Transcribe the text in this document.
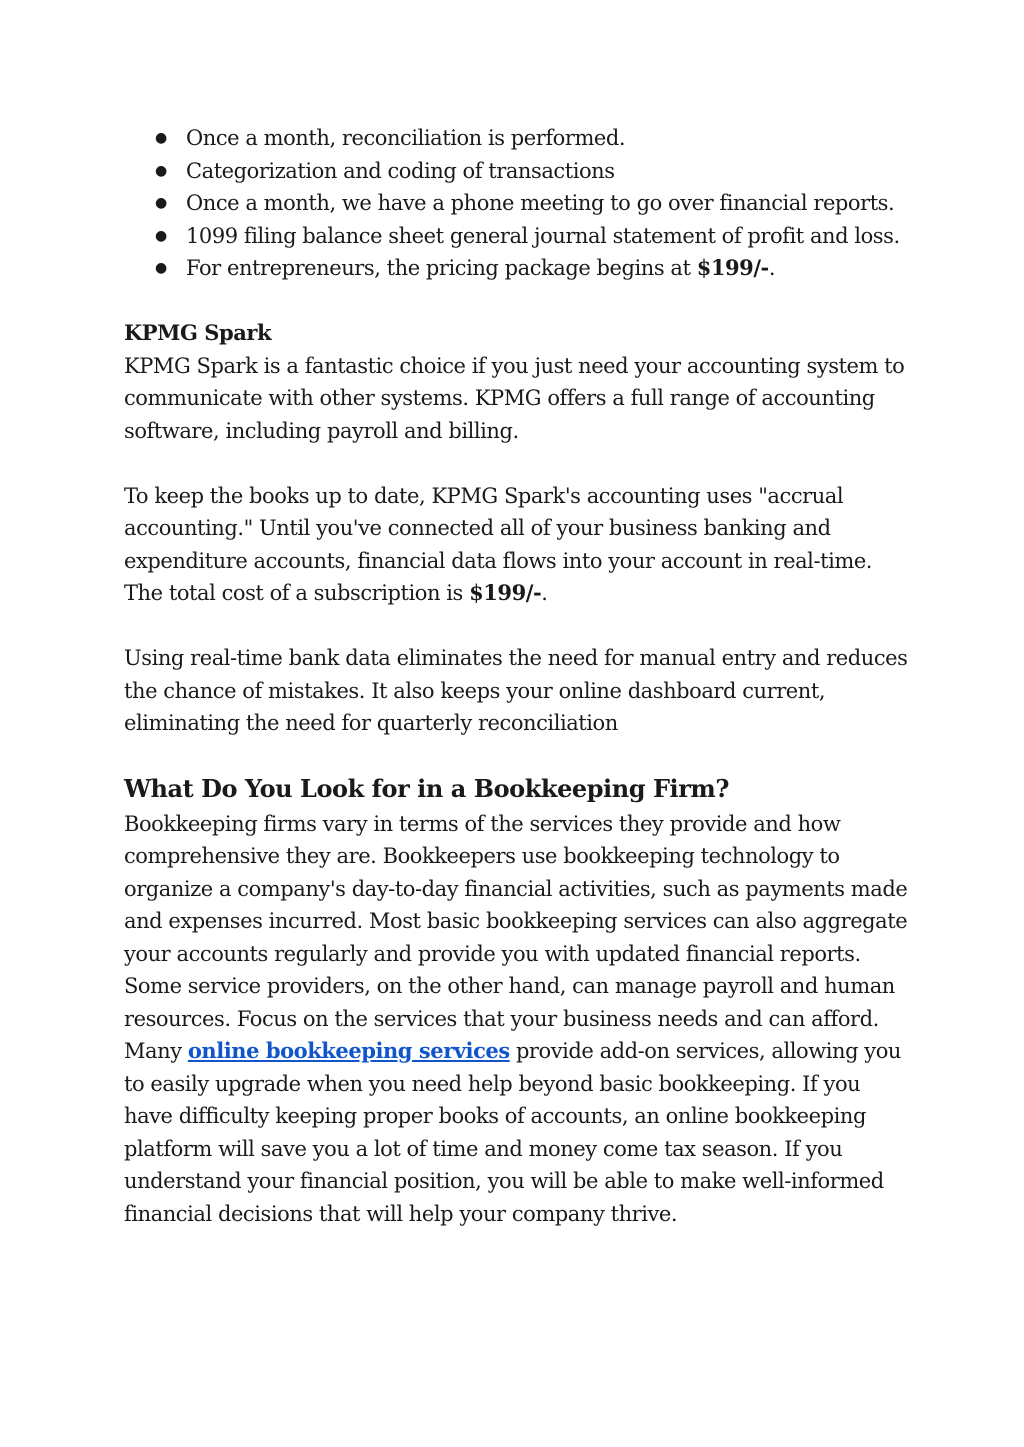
● Once a month, reconciliation is performed.
● Categorization and coding of transactions
● Once a month, we have a phone meeting to go over financial reports.
● 1099 filing balance sheet general journal statement of profit and loss.
● For entrepreneurs, the pricing package begins at $199/-.

KPMG Spark

KPMG Spark is a fantastic choice if you just need your accounting system to communicate with other systems. KPMG offers a full range of accounting software, including payroll and billing.

To keep the books up to date, KPMG Spark's accounting uses "accrual accounting." Until you've connected all of your business banking and expenditure accounts, financial data flows into your account in real-time. The total cost of a subscription is $199/-.

Using real-time bank data eliminates the need for manual entry and reduces the chance of mistakes. It also keeps your online dashboard current, eliminating the need for quarterly reconciliation

What Do You Look for in a Bookkeeping Firm?

Bookkeeping firms vary in terms of the services they provide and how comprehensive they are. Bookkeepers use bookkeeping technology to organize a company's day-to-day financial activities, such as payments made and expenses incurred. Most basic bookkeeping services can also aggregate your accounts regularly and provide you with updated financial reports. Some service providers, on the other hand, can manage payroll and human resources. Focus on the services that your business needs and can afford. Many online bookkeeping services provide add-on services, allowing you to easily upgrade when you need help beyond basic bookkeeping. If you have difficulty keeping proper books of accounts, an online bookkeeping platform will save you a lot of time and money come tax season. If you understand your financial position, you will be able to make well-informed financial decisions that will help your company thrive.
